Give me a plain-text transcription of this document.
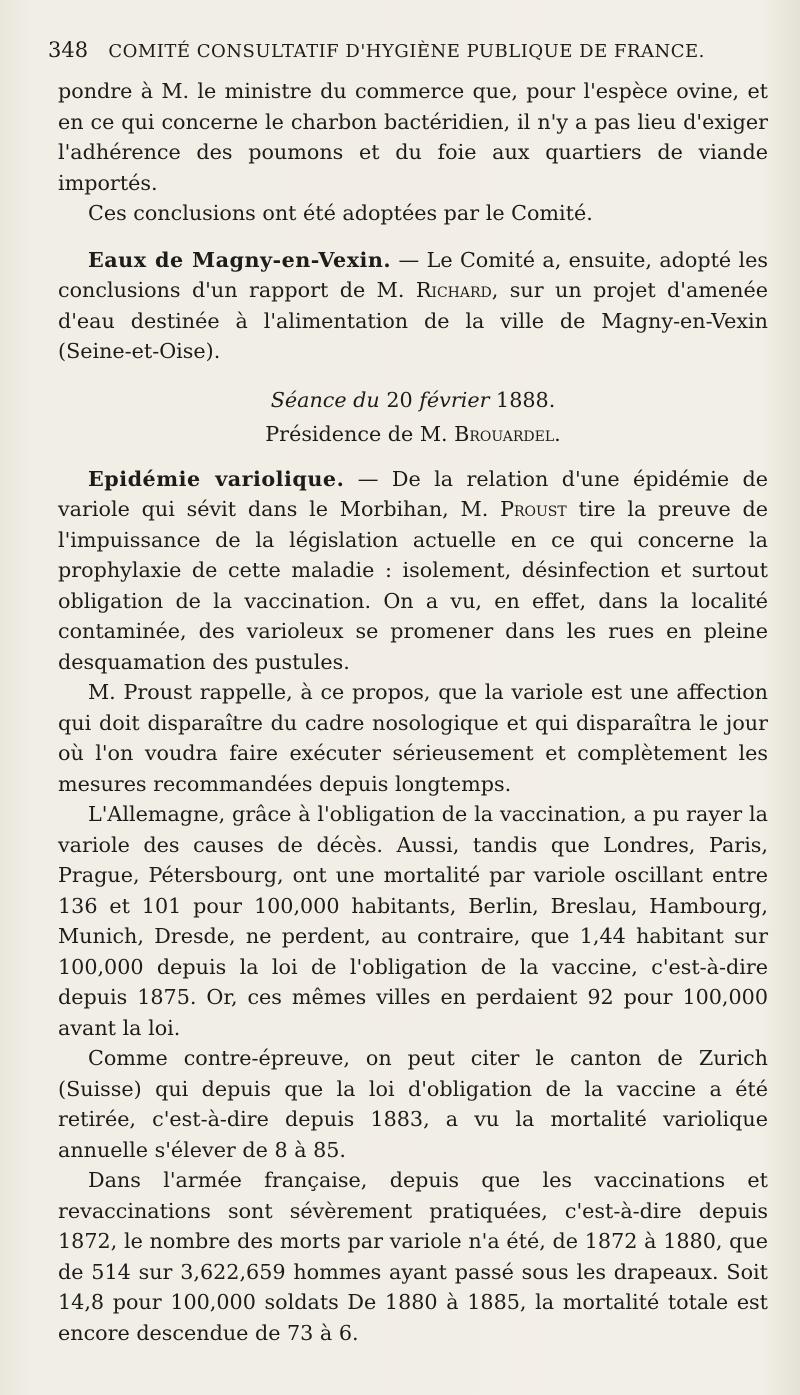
348 COMITÉ CONSULTATIF D'HYGIÈNE PUBLIQUE DE FRANCE.

pondre à M. le ministre du commerce que, pour l'espèce ovine, et en ce qui concerne le charbon bactéridien, il n'y a pas lieu d'exiger l'adhérence des poumons et du foie aux quartiers de viande importés.

Ces conclusions ont été adoptées par le Comité.

Eaux de Magny-en-Vexin. — Le Comité a, ensuite, adopté les conclusions d'un rapport de M. Richard, sur un projet d'amenée d'eau destinée à l'alimentation de la ville de Magny-en-Vexin (Seine-et-Oise).

Séance du 20 février 1888.

Présidence de M. Brouardel.

Epidémie variolique. — De la relation d'une épidémie de variole qui sévit dans le Morbihan, M. Proust tire la preuve de l'impuissance de la législation actuelle en ce qui concerne la prophylaxie de cette maladie : isolement, désinfection et surtout obligation de la vaccination. On a vu, en effet, dans la localité contaminée, des varioleux se promener dans les rues en pleine desquamation des pustules.

M. Proust rappelle, à ce propos, que la variole est une affection qui doit disparaître du cadre nosologique et qui disparaîtra le jour où l'on voudra faire exécuter sérieusement et complètement les mesures recommandées depuis longtemps.

L'Allemagne, grâce à l'obligation de la vaccination, a pu rayer la variole des causes de décès. Aussi, tandis que Londres, Paris, Prague, Pétersbourg, ont une mortalité par variole oscillant entre 136 et 101 pour 100,000 habitants, Berlin, Breslau, Hambourg, Munich, Dresde, ne perdent, au contraire, que 1,44 habitant sur 100,000 depuis la loi de l'obligation de la vaccine, c'est-à-dire depuis 1875. Or, ces mêmes villes en perdaient 92 pour 100,000 avant la loi.

Comme contre-épreuve, on peut citer le canton de Zurich (Suisse) qui depuis que la loi d'obligation de la vaccine a été retirée, c'est-à-dire depuis 1883, a vu la mortalité variolique annuelle s'élever de 8 à 85.

Dans l'armée française, depuis que les vaccinations et revaccinations sont sévèrement pratiquées, c'est-à-dire depuis 1872, le nombre des morts par variole n'a été, de 1872 à 1880, que de 514 sur 3,622,659 hommes ayant passé sous les drapeaux. Soit 14,8 pour 100,000 soldats De 1880 à 1885, la mortalité totale est encore descendue de 73 à 6.
